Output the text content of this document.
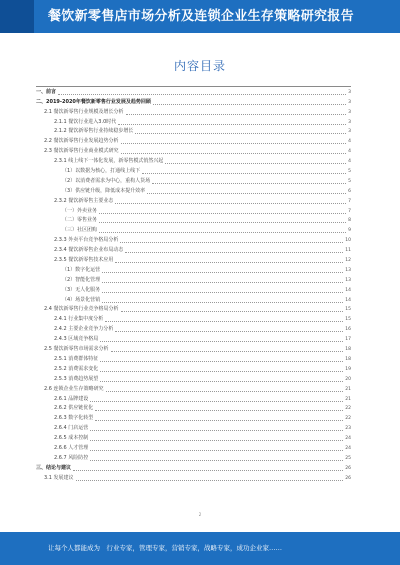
餐饮新零售店市场分析及连锁企业生存策略研究报告
内容目录
一、前言	3
二、2019-2020年餐饮新零售行业发展及趋势回顾	3
2.1 餐饮新零售行业规模及增长分析	3
2.1.1 餐饮行业进入3.0时代	3
2.1.2 餐饮新零售行业持续稳步增长	3
2.2 餐饮新零售行业发展趋势分析	4
2.3 餐饮新零售行业商业模式研究	4
2.3.1 线上线下一体化发展，新零售模式悄然兴起	4
（1）以数据为核心，打通线上线下	5
（2）以消费者需求为中心，重构人货场	5
（3）供应链升级，降低成本提升效率	6
2.3.2 餐饮新零售主要业态	7
（一）外卖业务	7
（二）零售业务	8
（三）社区团购	9
2.3.3 外卖平台竞争格局分析	10
2.3.4 餐饮新零售企业布局动态	11
2.3.5 餐饮新零售技术应用	12
（1）数字化运营	13
（2）智能化管理	13
（3）无人化服务	14
（4）场景化营销	14
2.4 餐饮新零售行业竞争格局分析	15
2.4.1 行业集中度分析	15
2.4.2 主要企业竞争力分析	16
2.4.3 区域竞争格局	17
2.5 餐饮新零售市场需求分析	18
2.5.1 消费群体特征	18
2.5.2 消费需求变化	19
2.5.3 消费趋势展望	20
2.6 连锁企业生存策略研究	21
2.6.1 品牌建设	21
2.6.2 供应链优化	22
2.6.3 数字化转型	22
2.6.4 门店运营	23
2.6.5 成本控制	24
2.6.6 人才管理	24
2.6.7 风险防控	25
三、结论与建议	26
3.1 发展建议	26
2
让每个人都能成为　行业专家，管理专家，营销专家，战略专家，成功企业家……
